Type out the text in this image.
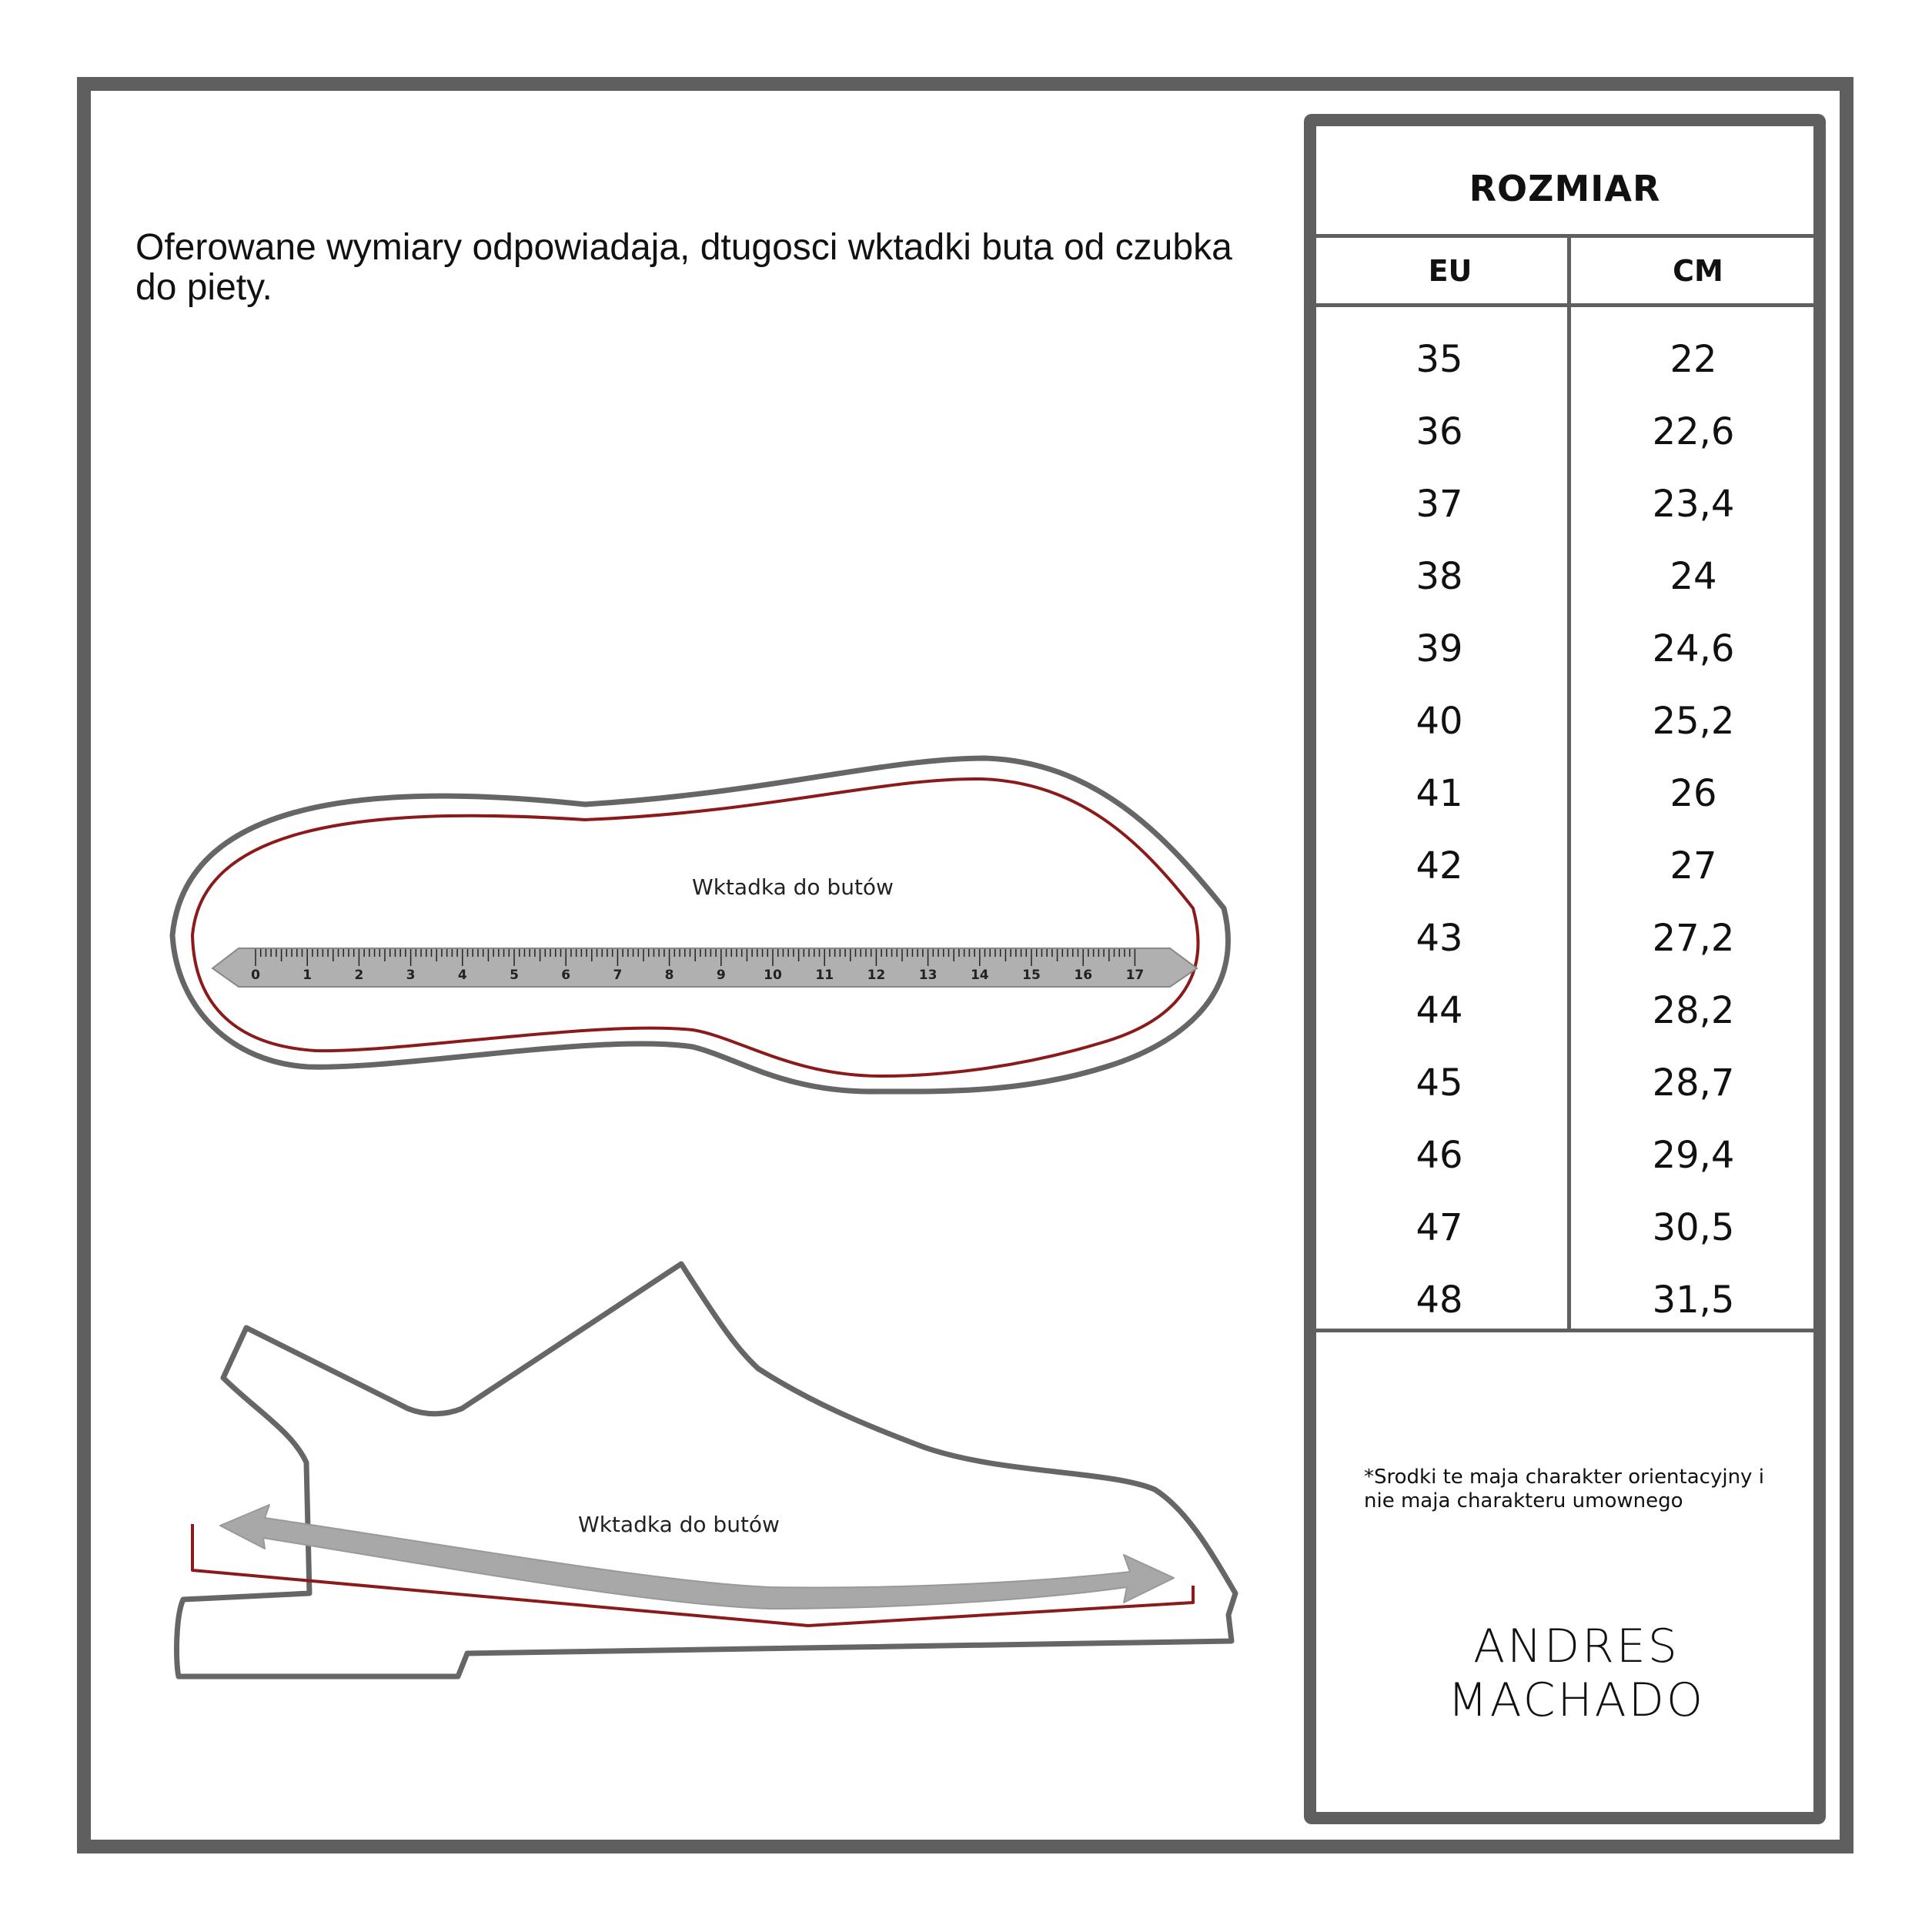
Oferowane wymiary odpowiadaja, dtugosci wktadki buta od czubka do piety.

0	1	2	3	4	5	6	7	8	9	10	11	12	13	14	15	16	17
Wktadka do butów
Wktadka do butów
ROZMIAR
EU	CM
35	22
36	22,6
37	23,4
38	24
39	24,6
40	25,2
41	26
42	27
43	27,2
44	28,2
45	28,7
46	29,4
47	30,5
48	31,5
*Srodki te maja charakter orientacyjny i nie maja charakteru umownego
ANDRES MACHADO
